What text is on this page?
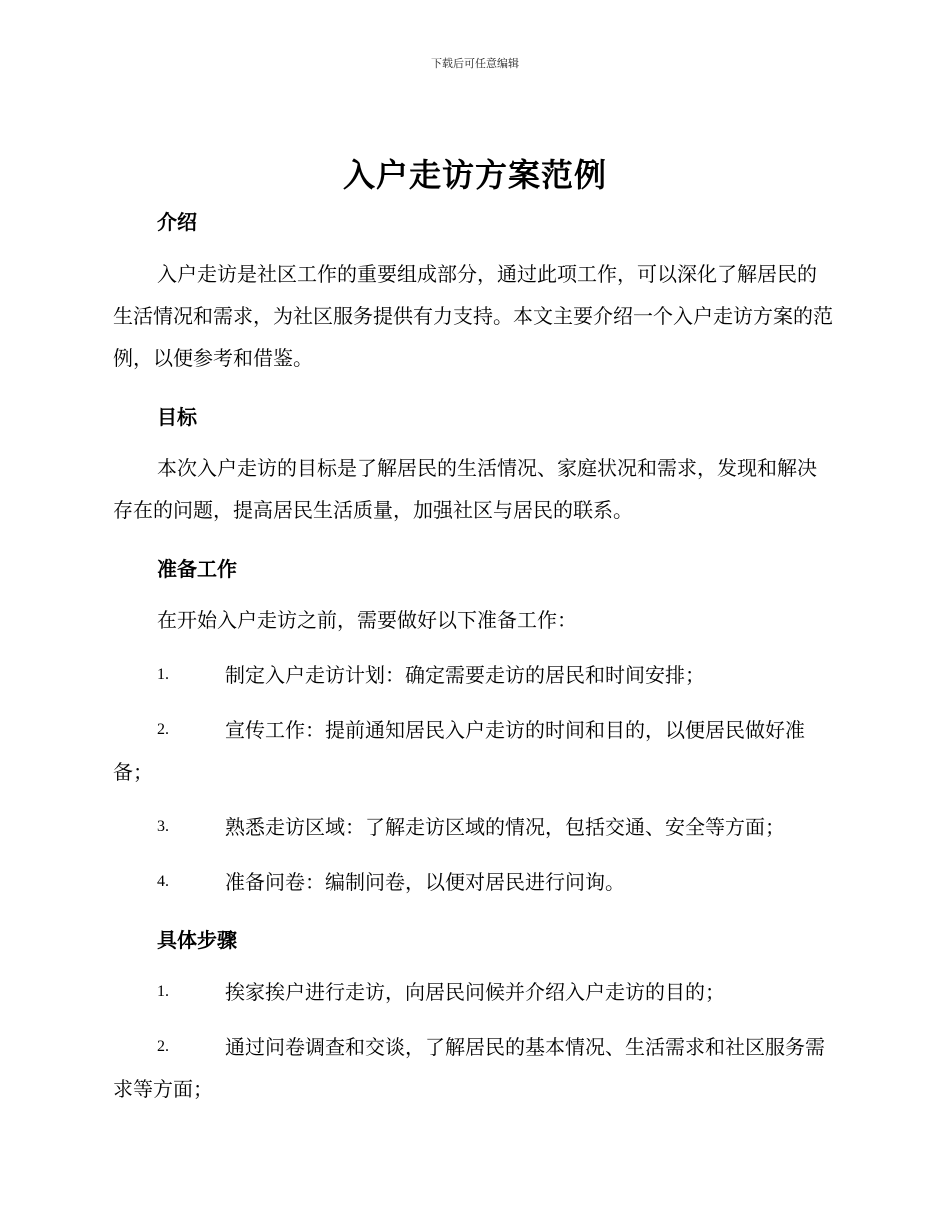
下载后可任意编辑
入户走访方案范例
介绍

入户走访是社区工作的重要组成部分，通过此项工作，可以深化了解居民的生活情况和需求，为社区服务提供有力支持。本文主要介绍一个入户走访方案的范例，以便参考和借鉴。

目标

本次入户走访的目标是了解居民的生活情况、家庭状况和需求，发现和解决存在的问题，提高居民生活质量，加强社区与居民的联系。

准备工作

在开始入户走访之前，需要做好以下准备工作：

1.	制定入户走访计划：确定需要走访的居民和时间安排；
2.	宣传工作：提前通知居民入户走访的时间和目的，以便居民做好准备；
3.	熟悉走访区域：了解走访区域的情况，包括交通、安全等方面；
4.	准备问卷：编制问卷，以便对居民进行问询。
具体步骤
1.	挨家挨户进行走访，向居民问候并介绍入户走访的目的；
2.	通过问卷调查和交谈，了解居民的基本情况、生活需求和社区服务需求等方面；
